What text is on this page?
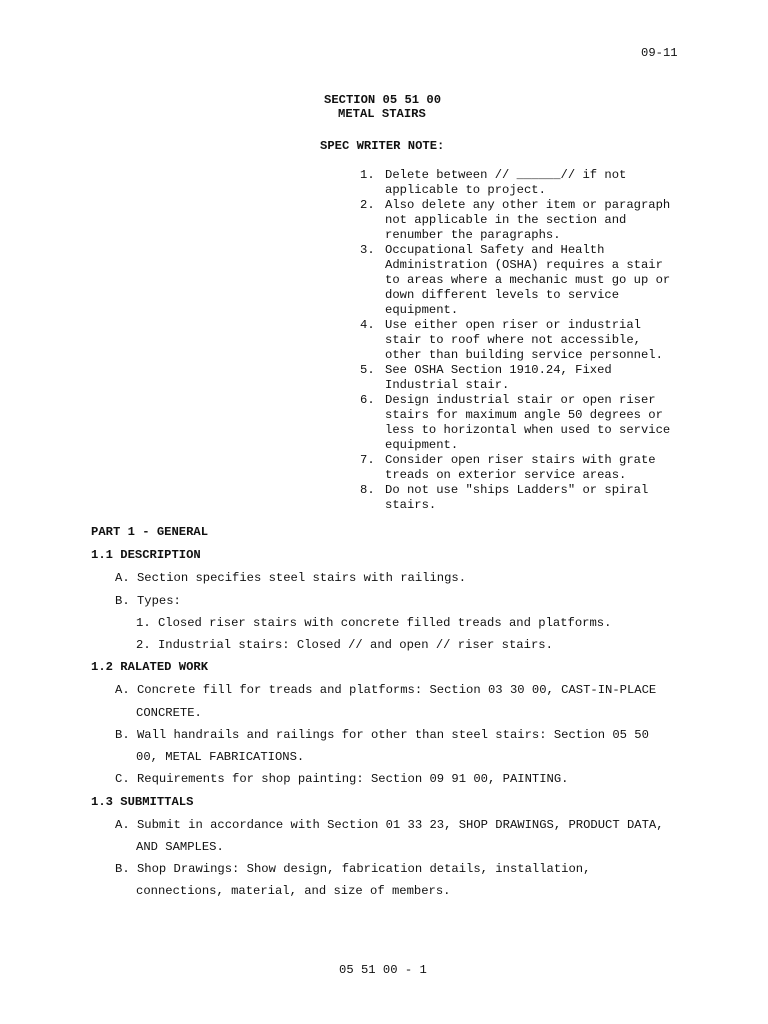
09-11
SECTION 05 51 00
METAL STAIRS
SPEC WRITER NOTE:
1. Delete between // ______// if not
applicable to project.
2. Also delete any other item or paragraph
not applicable in the section and
renumber the paragraphs.
3. Occupational Safety and Health
Administration (OSHA) requires a stair
to areas where a mechanic must go up or
down different levels to service
equipment.
4. Use either open riser or industrial
stair to roof where not accessible,
other than building service personnel.
5. See OSHA Section 1910.24, Fixed
Industrial stair.
6. Design industrial stair or open riser
stairs for maximum angle 50 degrees or
less to horizontal when used to service
equipment.
7. Consider open riser stairs with grate
treads on exterior service areas.
8. Do not use "ships Ladders" or spiral
stairs.
PART 1 - GENERAL
1.1 DESCRIPTION
A. Section specifies steel stairs with railings.
B. Types:
1. Closed riser stairs with concrete filled treads and platforms.
2. Industrial stairs: Closed // and open // riser stairs.
1.2 RALATED WORK
A. Concrete fill for treads and platforms: Section 03 30 00, CAST-IN-PLACE
CONCRETE.
B. Wall handrails and railings for other than steel stairs: Section 05 50
00, METAL FABRICATIONS.
C. Requirements for shop painting: Section 09 91 00, PAINTING.
1.3 SUBMITTALS
A. Submit in accordance with Section 01 33 23, SHOP DRAWINGS, PRODUCT DATA,
AND SAMPLES.
B. Shop Drawings: Show design, fabrication details, installation,
connections, material, and size of members.
05 51 00 - 1
